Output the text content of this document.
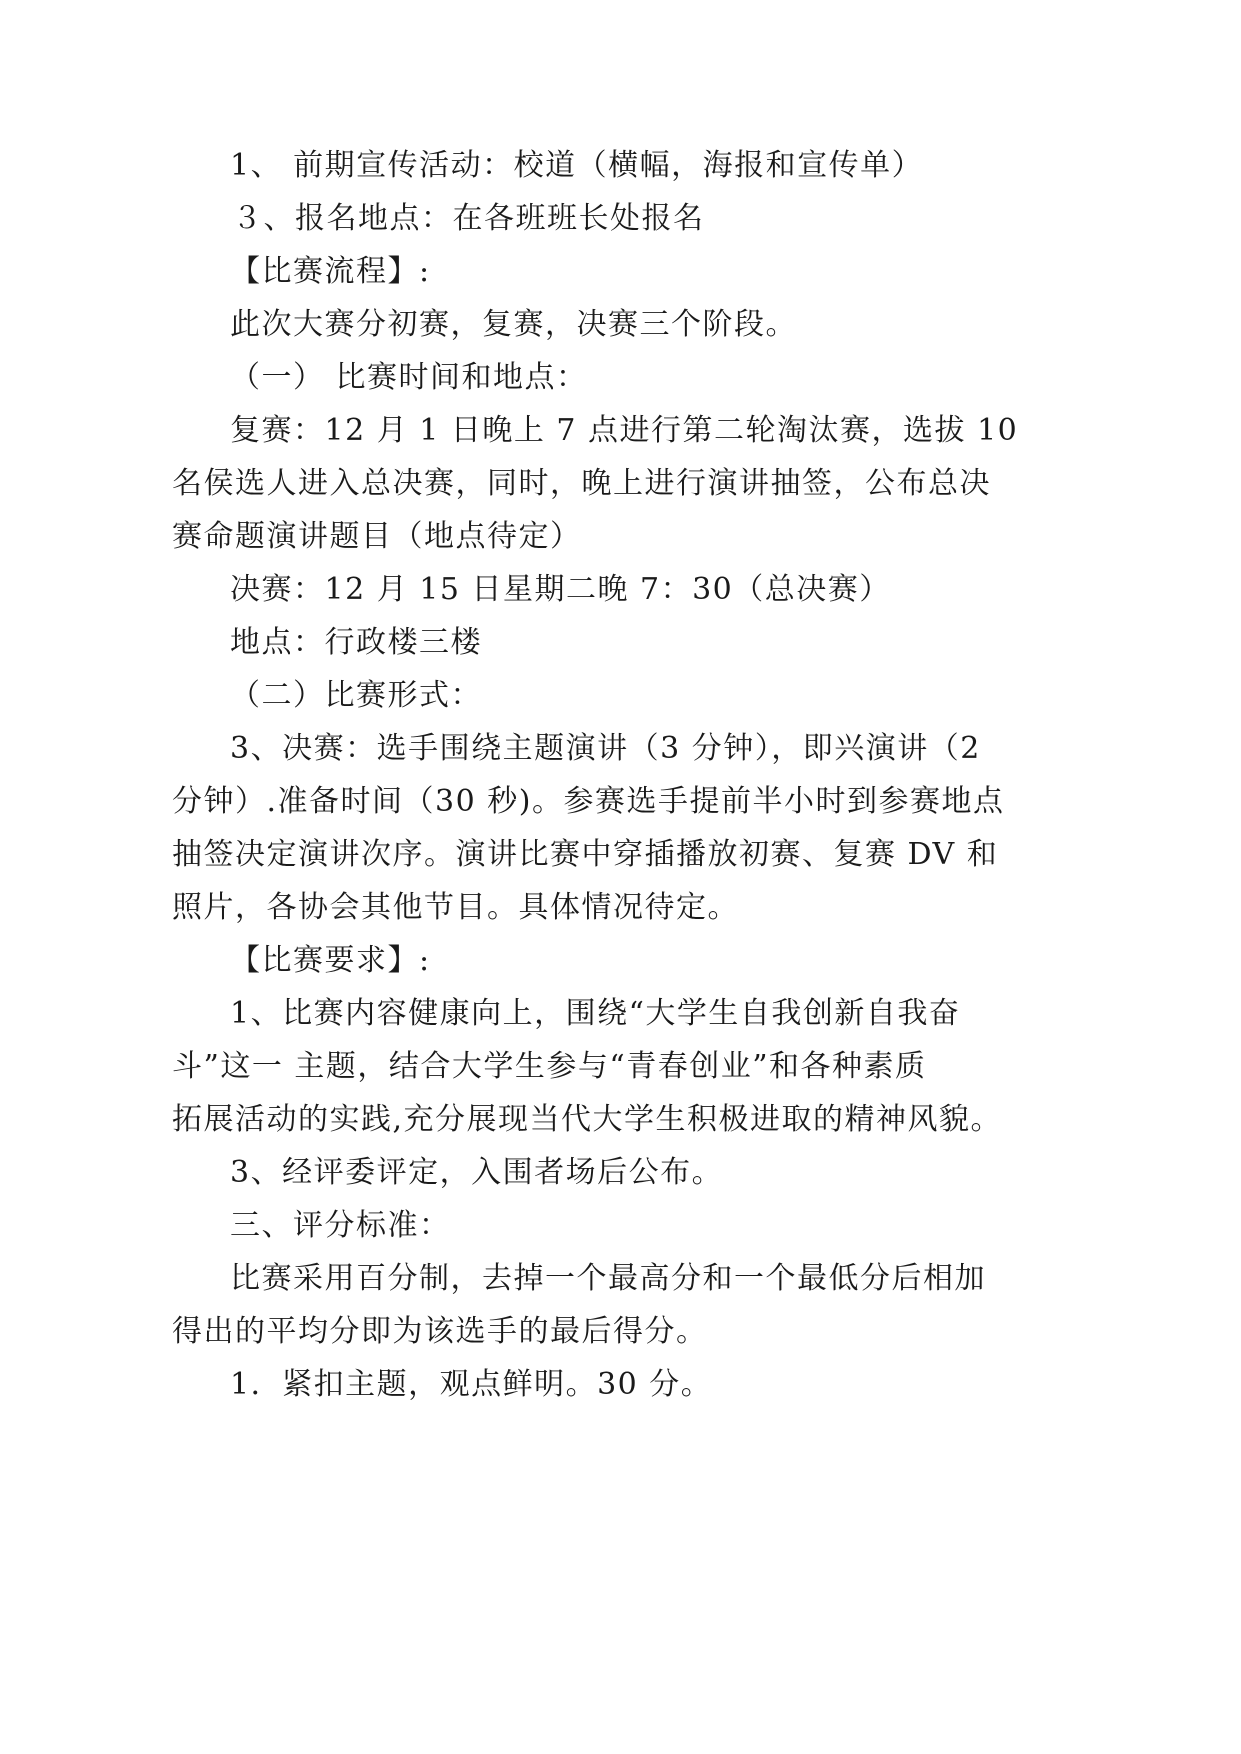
1、 前期宣传活动：校道（横幅，海报和宣传单）
３、报名地点：在各班班长处报名
【比赛流程】:
此次大赛分初赛，复赛，决赛三个阶段。
（一） 比赛时间和地点：
复赛：12 月 1 日晚上 7 点进行第二轮淘汰赛，选拔 10
名侯选人进入总决赛，同时，晚上进行演讲抽签，公布总决
赛命题演讲题目（地点待定）
决赛：12 月 15 日星期二晚 7：30（总决赛）
地点：行政楼三楼
（二）比赛形式：
3、决赛：选手围绕主题演讲（3 分钟），即兴演讲（2
分钟）.准备时间（30 秒)。参赛选手提前半小时到参赛地点
抽签决定演讲次序。演讲比赛中穿插播放初赛、复赛 DV 和
照片，各协会其他节目。具体情况待定。
【比赛要求】:
1、比赛内容健康向上，围绕“大学生自我创新自我奋
斗”这一 主题，结合大学生参与“青春创业”和各种素质
拓展活动的实践,充分展现当代大学生积极进取的精神风貌。
3、经评委评定，入围者场后公布。
三、评分标准：
比赛采用百分制，去掉一个最高分和一个最低分后相加
得出的平均分即为该选手的最后得分。
1．紧扣主题，观点鲜明。30 分。
